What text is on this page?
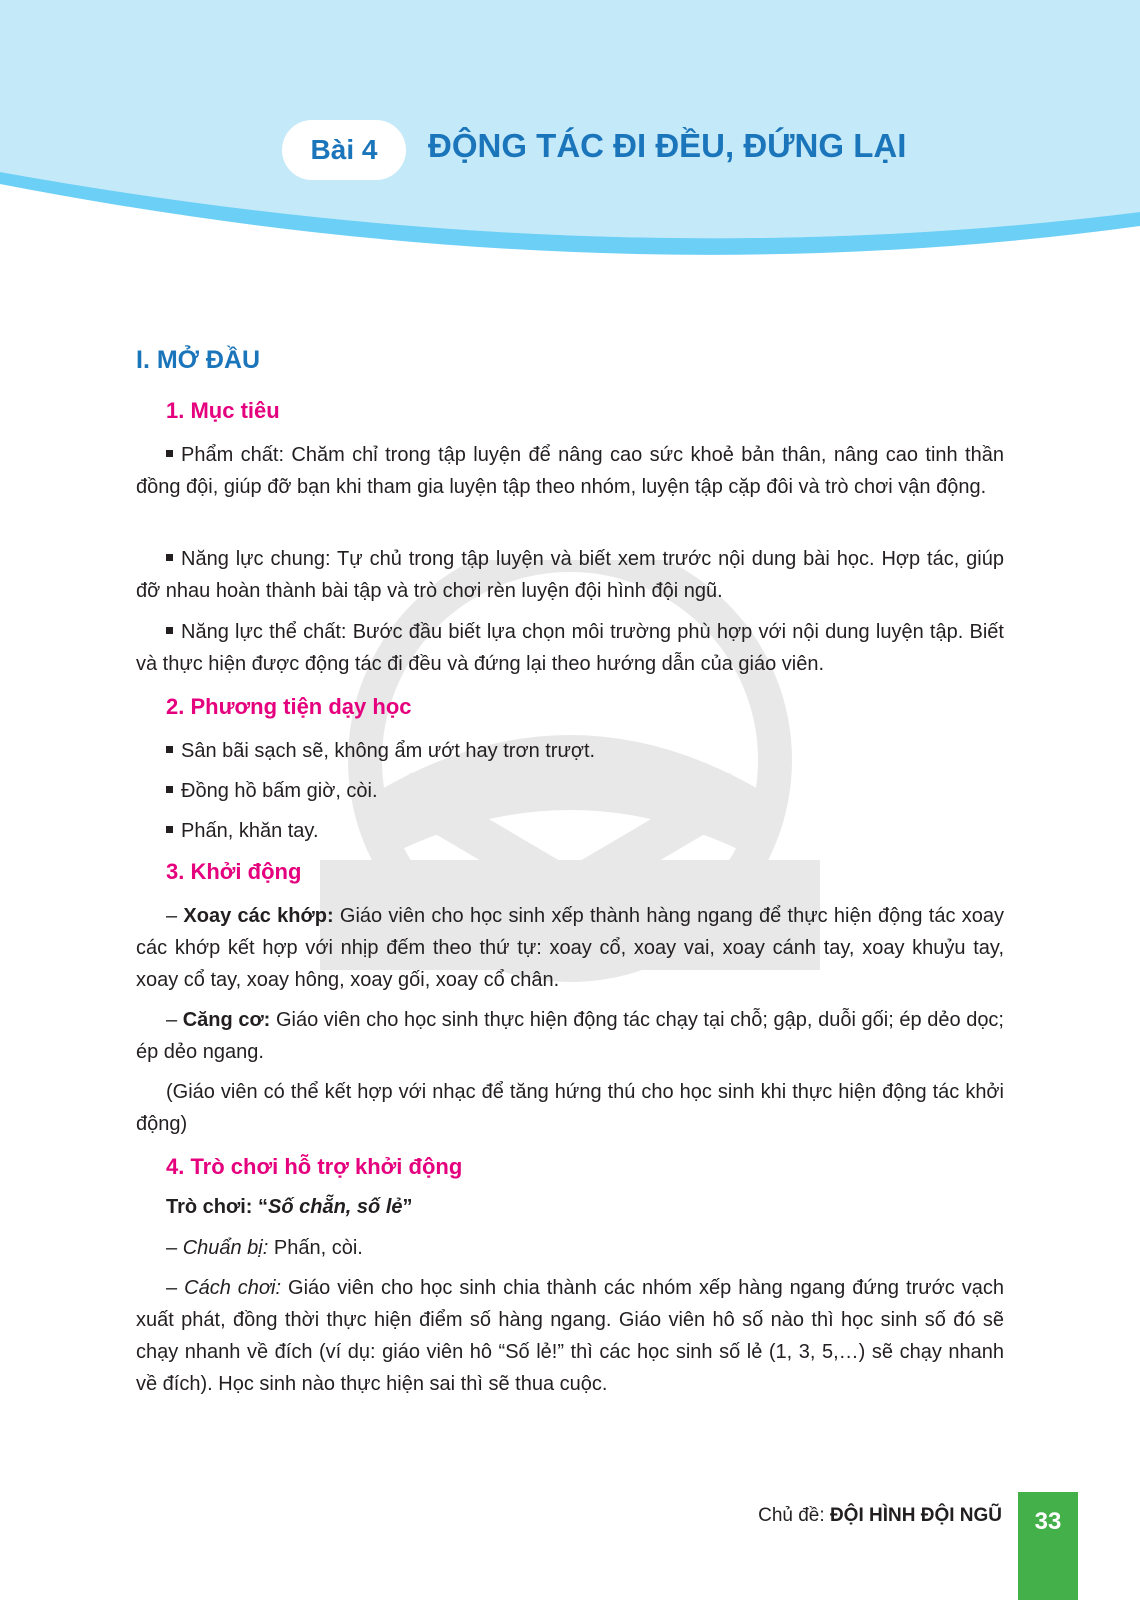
Bài 4 ĐỘNG TÁC ĐI ĐỀU, ĐỨNG LẠI
I. MỞ ĐẦU
1. Mục tiêu
Phẩm chất: Chăm chỉ trong tập luyện để nâng cao sức khoẻ bản thân, nâng cao tinh thần đồng đội, giúp đỡ bạn khi tham gia luyện tập theo nhóm, luyện tập cặp đôi và trò chơi vận động.
Năng lực chung: Tự chủ trong tập luyện và biết xem trước nội dung bài học. Hợp tác, giúp đỡ nhau hoàn thành bài tập và trò chơi rèn luyện đội hình đội ngũ.
Năng lực thể chất: Bước đầu biết lựa chọn môi trường phù hợp với nội dung luyện tập. Biết và thực hiện được động tác đi đều và đứng lại theo hướng dẫn của giáo viên.
2. Phương tiện dạy học
Sân bãi sạch sẽ, không ẩm ướt hay trơn trượt.
Đồng hồ bấm giờ, còi.
Phấn, khăn tay.
3. Khởi động
– Xoay các khớp: Giáo viên cho học sinh xếp thành hàng ngang để thực hiện động tác xoay các khớp kết hợp với nhịp đếm theo thứ tự: xoay cổ, xoay vai, xoay cánh tay, xoay khuỷu tay, xoay cổ tay, xoay hông, xoay gối, xoay cổ chân.
– Căng cơ: Giáo viên cho học sinh thực hiện động tác chạy tại chỗ; gập, duỗi gối; ép dẻo dọc; ép dẻo ngang.
(Giáo viên có thể kết hợp với nhạc để tăng hứng thú cho học sinh khi thực hiện động tác khởi động)
4. Trò chơi hỗ trợ khởi động
Trò chơi: “Số chẵn, số lẻ”
– Chuẩn bị: Phấn, còi.
– Cách chơi: Giáo viên cho học sinh chia thành các nhóm xếp hàng ngang đứng trước vạch xuất phát, đồng thời thực hiện điểm số hàng ngang. Giáo viên hô số nào thì học sinh số đó sẽ chạy nhanh về đích (ví dụ: giáo viên hô “Số lẻ!” thì các học sinh số lẻ (1, 3, 5,…) sẽ chạy nhanh về đích). Học sinh nào thực hiện sai thì sẽ thua cuộc.
Chủ đề: ĐỘI HÌNH ĐỘI NGŨ	33
